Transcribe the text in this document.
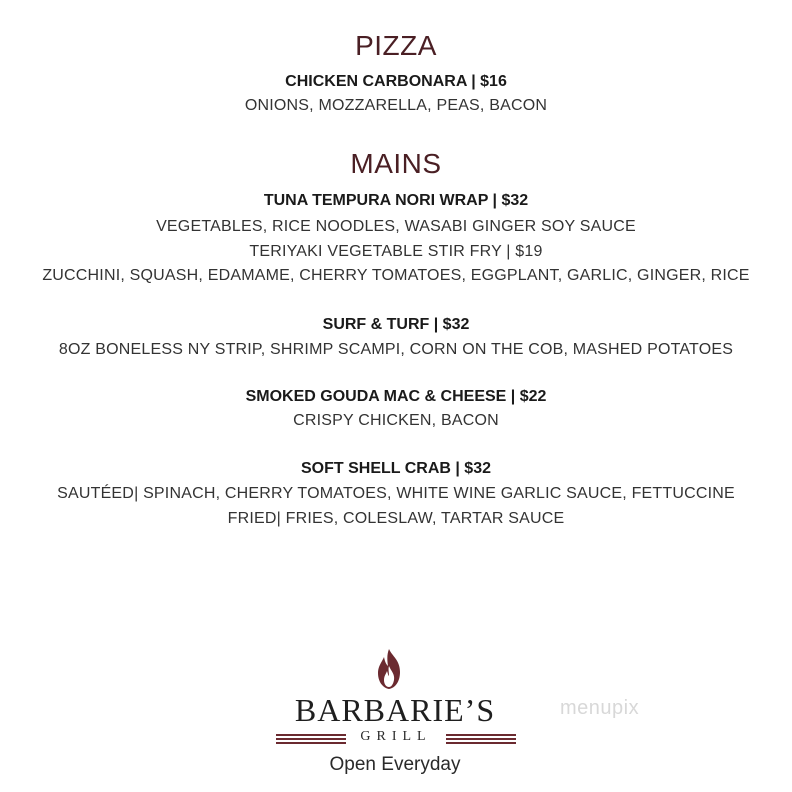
PIZZA
CHICKEN CARBONARA | $16
ONIONS, MOZZARELLA, PEAS, BACON
MAINS
TUNA TEMPURA NORI WRAP | $32
VEGETABLES, RICE NOODLES, WASABI GINGER SOY SAUCE
TERIYAKI VEGETABLE STIR FRY | $19
ZUCCHINI, SQUASH, EDAMAME, CHERRY TOMATOES, EGGPLANT, GARLIC, GINGER, RICE
SURF & TURF | $32
8OZ BONELESS NY STRIP, SHRIMP SCAMPI, CORN ON THE COB, MASHED POTATOES
SMOKED GOUDA MAC & CHEESE | $22
CRISPY CHICKEN, BACON
SOFT SHELL CRAB | $32
SAUTÉED| SPINACH, CHERRY TOMATOES, WHITE WINE GARLIC SAUCE, FETTUCCINE
FRIED| FRIES, COLESLAW, TARTAR SAUCE
BARBARIE’S
GRILL
Open Everyday
menupix
